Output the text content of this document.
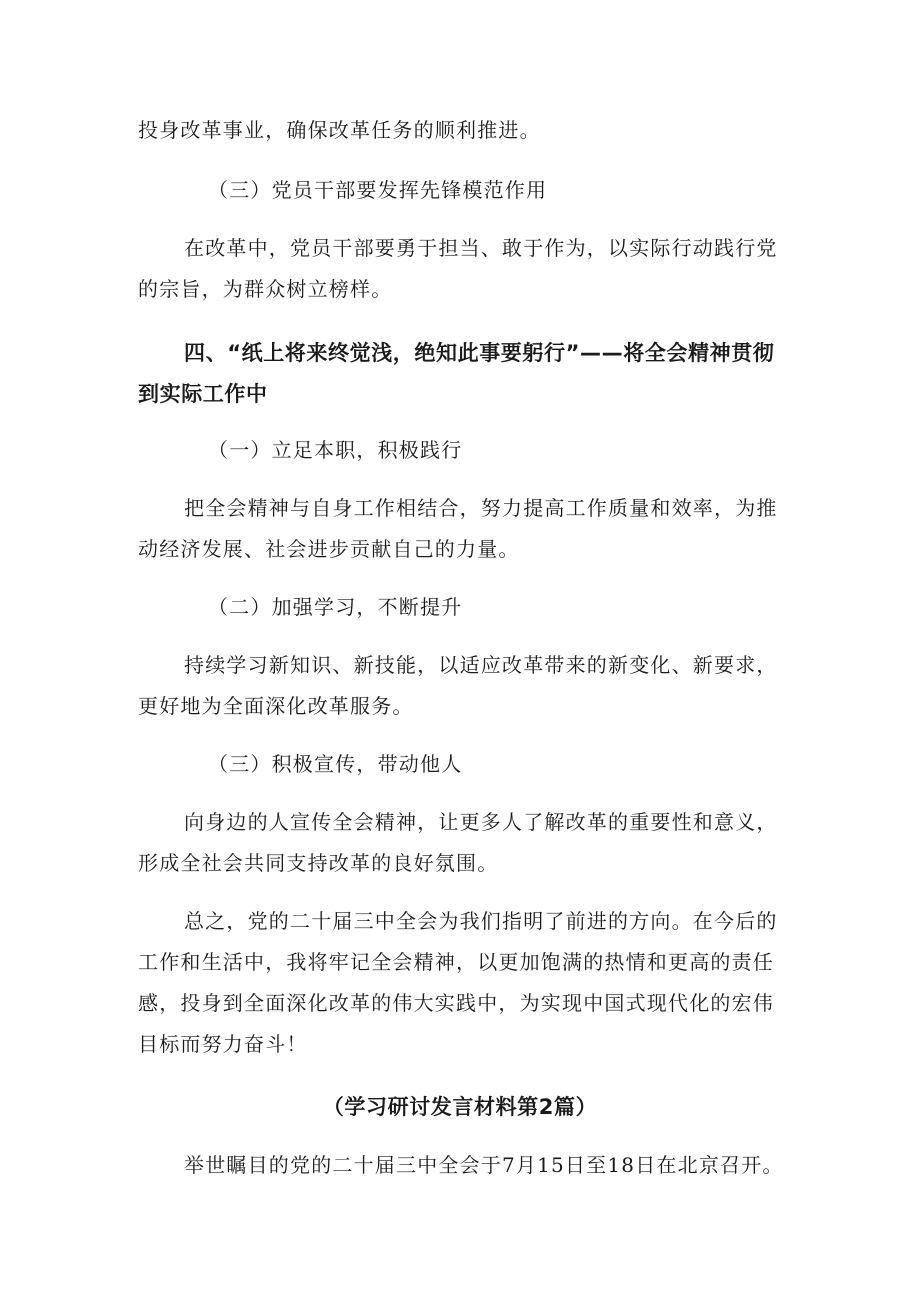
投身改革事业，确保改革任务的顺利推进。
（三）党员干部要发挥先锋模范作用
在改革中，党员干部要勇于担当、敢于作为，以实际行动践行党
的宗旨，为群众树立榜样。
四、“纸上将来终觉浅，绝知此事要躬行”——将全会精神贯彻
到实际工作中
（一）立足本职，积极践行
把全会精神与自身工作相结合，努力提高工作质量和效率，为推
动经济发展、社会进步贡献自己的力量。
（二）加强学习，不断提升
持续学习新知识、新技能，以适应改革带来的新变化、新要求，
更好地为全面深化改革服务。
（三）积极宣传，带动他人
向身边的人宣传全会精神，让更多人了解改革的重要性和意义，
形成全社会共同支持改革的良好氛围。
总之，党的二十届三中全会为我们指明了前进的方向。在今后的
工作和生活中，我将牢记全会精神，以更加饱满的热情和更高的责任
感，投身到全面深化改革的伟大实践中，为实现中国式现代化的宏伟
目标而努力奋斗！
（学习研讨发言材料第2篇）
举世瞩目的党的二十届三中全会于7月15日至18日在北京召开。
